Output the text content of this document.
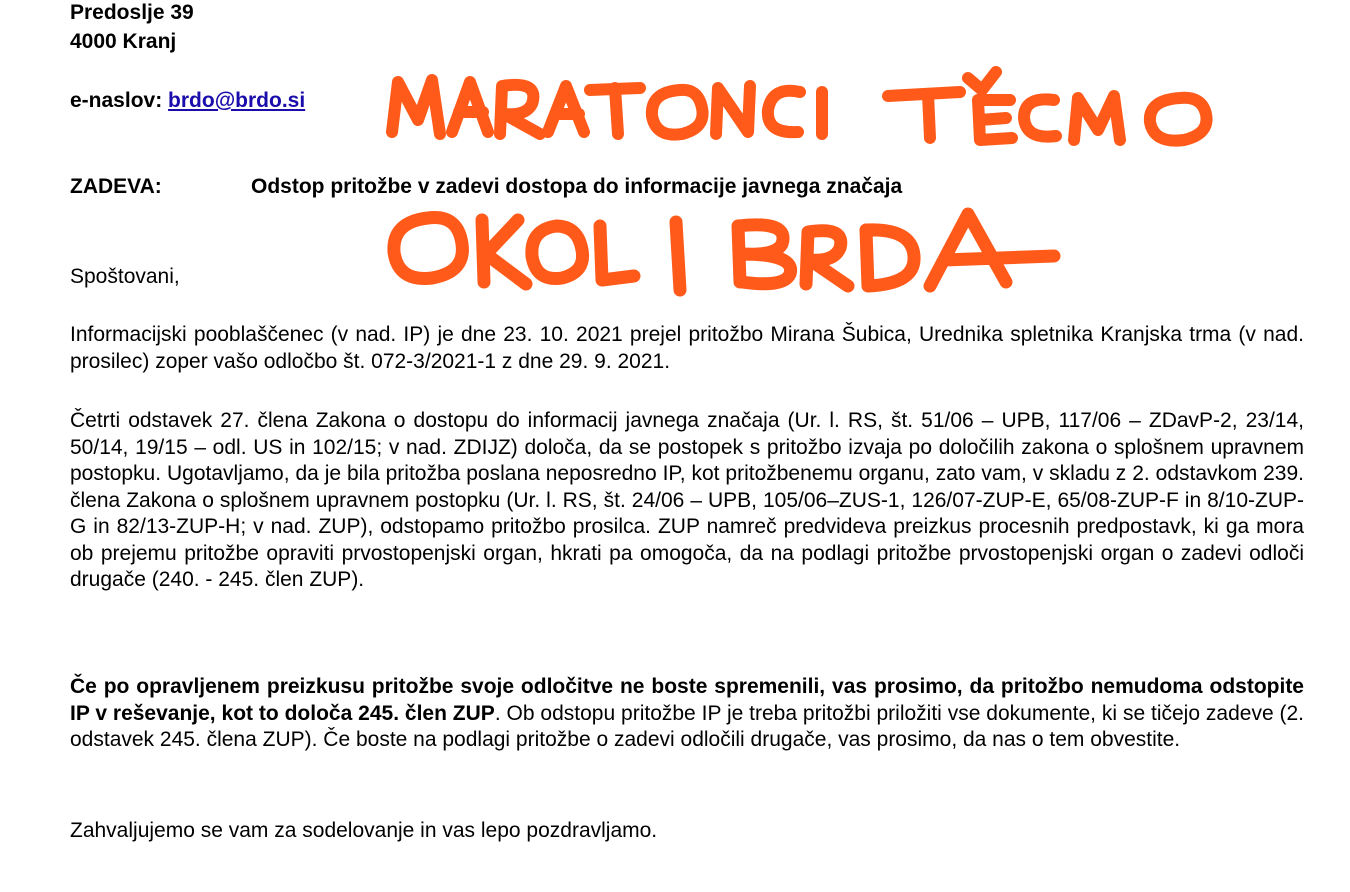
Predoslje 39
4000 Kranj
e-naslov: brdo@brdo.si
ZADEVA:	Odstop pritožbe v zadevi dostopa do informacije javnega značaja
Spoštovani,

Informacijski pooblaščenec (v nad. IP) je dne 23. 10. 2021 prejel pritožbo Mirana Šubica, Urednika spletnika Kranjska trma (v nad. prosilec) zoper vašo odločbo št. 072-3/2021-1 z dne 29. 9. 2021.

Četrti odstavek 27. člena Zakona o dostopu do informacij javnega značaja (Ur. l. RS, št. 51/06 – UPB, 117/06 – ZDavP-2, 23/14, 50/14, 19/15 – odl. US in 102/15; v nad. ZDIJZ) določa, da se postopek s pritožbo izvaja po določilih zakona o splošnem upravnem postopku. Ugotavljamo, da je bila pritožba poslana neposredno IP, kot pritožbenemu organu, zato vam, v skladu z 2. odstavkom 239. člena Zakona o splošnem upravnem postopku (Ur. l. RS, št. 24/06 – UPB, 105/06–ZUS-1, 126/07-ZUP-E, 65/08-ZUP-F in 8/10-ZUP-G in 82/13-ZUP-H; v nad. ZUP), odstopamo pritožbo prosilca. ZUP namreč predvideva preizkus procesnih predpostavk, ki ga mora ob prejemu pritožbe opraviti prvostopenjski organ, hkrati pa omogoča, da na podlagi pritožbe prvostopenjski organ o zadevi odloči drugače (240. - 245. člen ZUP).

Če po opravljenem preizkusu pritožbe svoje odločitve ne boste spremenili, vas prosimo, da pritožbo nemudoma odstopite IP v reševanje, kot to določa 245. člen ZUP. Ob odstopu pritožbe IP je treba pritožbi priložiti vse dokumente, ki se tičejo zadeve (2. odstavek 245. člena ZUP). Če boste na podlagi pritožbe o zadevi odločili drugače, vas prosimo, da nas o tem obvestite.

Zahvaljujemo se vam za sodelovanje in vas lepo pozdravljamo.
